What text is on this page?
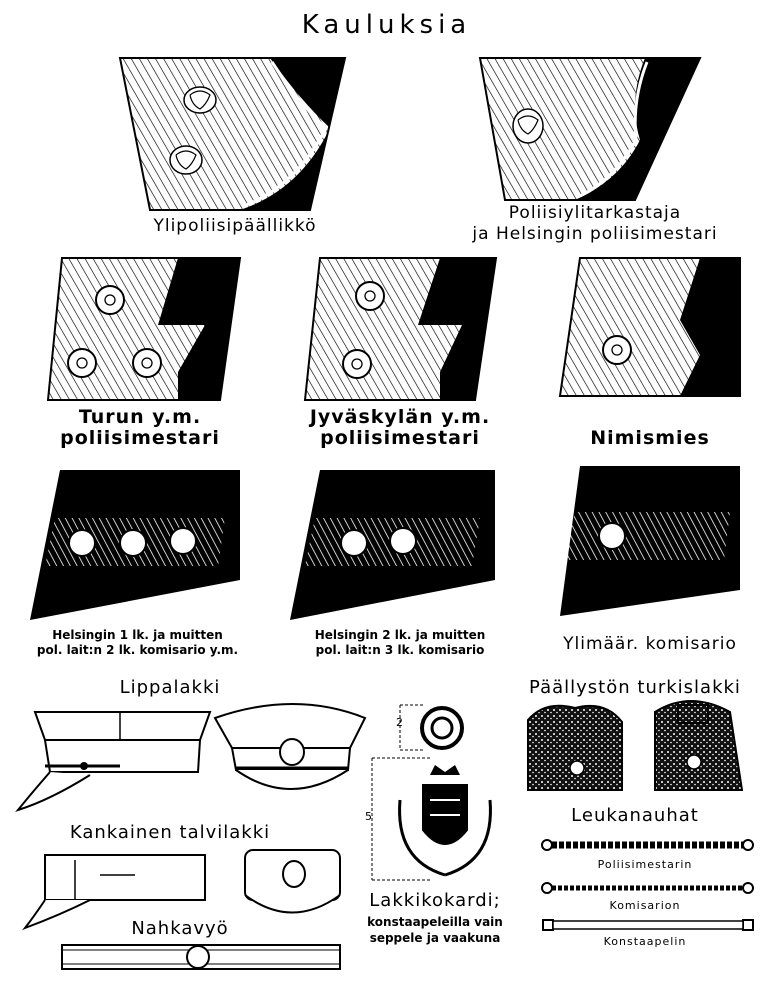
Kauluksia
Ylipoliisipäällikkö
Poliisiylitarkastaja
ja Helsingin poliisimestari
Turun y.m.
poliisimestari
Jyväskylän y.m.
poliisimestari	Nimismies
Helsingin 1 lk. ja muitten
pol. lait:n 2 lk. komisario y.m.
Helsingin 2 lk. ja muitten
pol. lait:n 3 lk. komisario	Ylimäär. komisario
Lippalakki
Kankainen talvilakki
Nahkavyö
2
5
Lakkikokardi;
konstaapeleilla vain
seppele ja vaakuna
Päällystön turkislakki
Leukanauhat
Poliisimestarin
Komisarion
Konstaapelin
